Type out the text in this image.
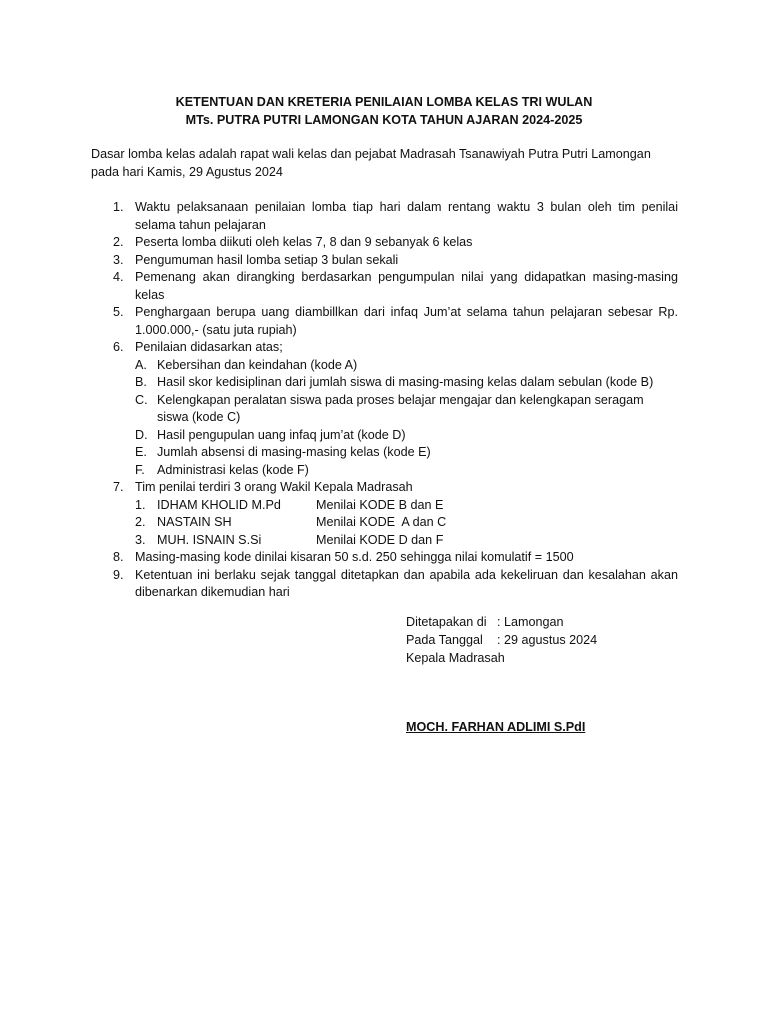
KETENTUAN DAN KRETERIA PENILAIAN LOMBA KELAS TRI WULAN
MTs. PUTRA PUTRI LAMONGAN KOTA TAHUN AJARAN 2024-2025
Dasar lomba kelas adalah rapat wali kelas dan pejabat Madrasah Tsanawiyah Putra Putri Lamongan pada hari Kamis, 29 Agustus 2024
1. Waktu pelaksanaan penilaian lomba tiap hari dalam rentang waktu 3 bulan oleh tim penilai selama tahun pelajaran
2. Peserta lomba diikuti oleh kelas 7, 8 dan 9 sebanyak 6 kelas
3. Pengumuman hasil lomba setiap 3 bulan sekali
4. Pemenang akan dirangking berdasarkan pengumpulan nilai yang didapatkan masing-masing kelas
5. Penghargaan berupa uang diambillkan dari infaq Jum’at selama tahun pelajaran sebesar Rp. 1.000.000,- (satu juta rupiah)
6. Penilaian didasarkan atas;
A. Kebersihan dan keindahan (kode A)
B. Hasil skor kedisiplinan dari jumlah siswa di masing-masing kelas dalam sebulan (kode B)
C. Kelengkapan peralatan siswa pada proses belajar mengajar dan kelengkapan seragam siswa (kode C)
D. Hasil pengupulan uang infaq jum’at (kode D)
E. Jumlah absensi di masing-masing kelas (kode E)
F. Administrasi kelas (kode F)
7. Tim penilai terdiri 3 orang Wakil Kepala Madrasah
1. IDHAM KHOLID M.Pd	Menilai KODE B dan E
2. NASTAIN SH	Menilai KODE  A dan C
3. MUH. ISNAIN S.Si	Menilai KODE D dan F
8. Masing-masing kode dinilai kisaran 50 s.d. 250 sehingga nilai komulatif = 1500
9. Ketentuan ini berlaku sejak tanggal ditetapkan dan apabila ada kekeliruan dan kesalahan akan dibenarkan dikemudian hari
Ditetapakan di : Lamongan
Pada Tanggal : 29 agustus 2024
Kepala Madrasah
MOCH. FARHAN ADLIMI S.PdI
